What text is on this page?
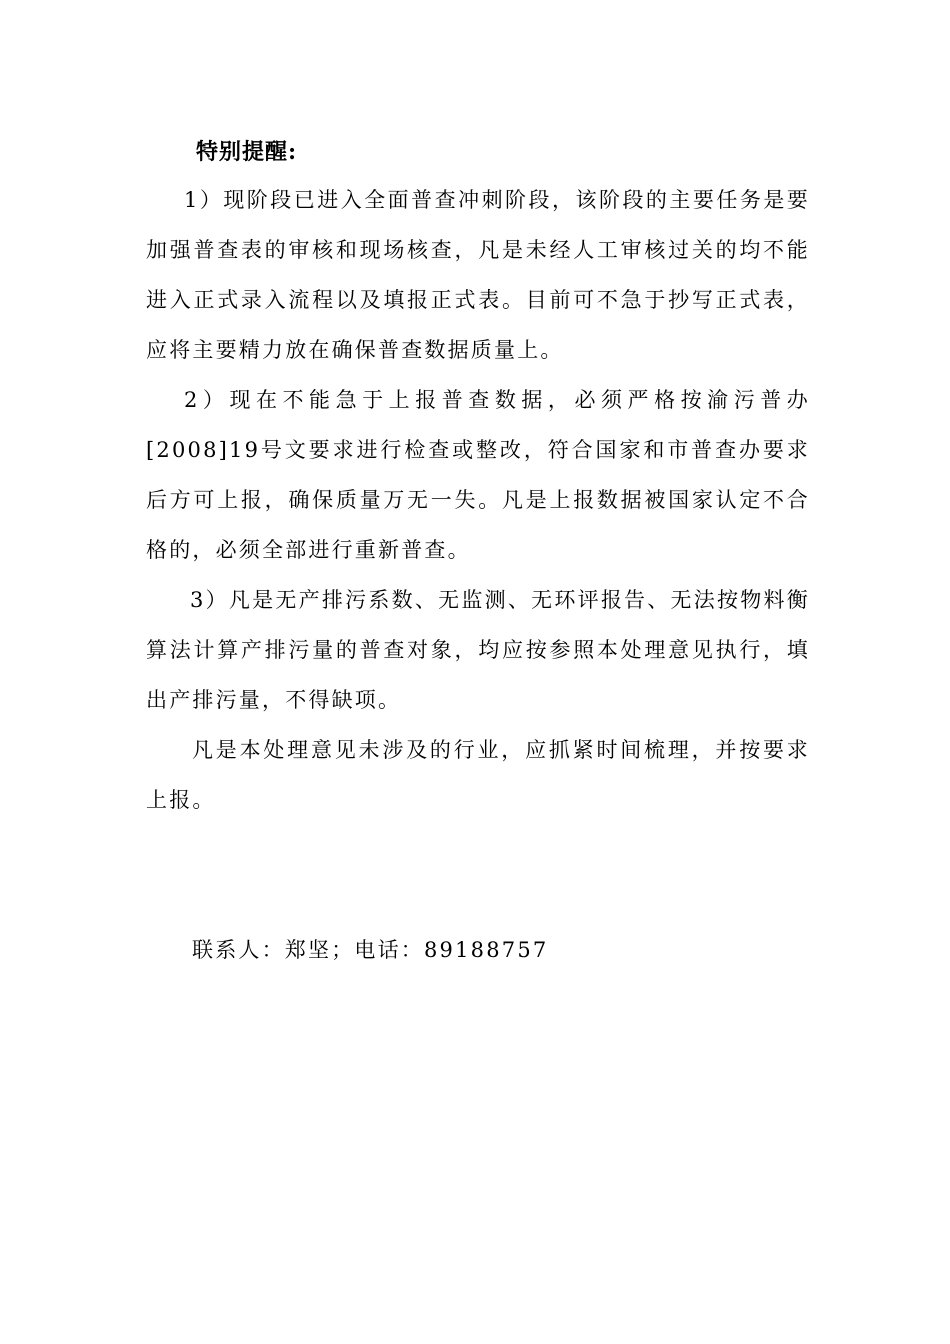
特别提醒:
1）现阶段已进入全面普查冲刺阶段，该阶段的主要任务是要加强普查表的审核和现场核查，凡是未经人工审核过关的均不能进入正式录入流程以及填报正式表。目前可不急于抄写正式表，应将主要精力放在确保普查数据质量上。
2）现在不能急于上报普查数据，必须严格按渝污普办[2008]19号文要求进行检查或整改，符合国家和市普查办要求后方可上报，确保质量万无一失。凡是上报数据被国家认定不合格的，必须全部进行重新普查。
3）凡是无产排污系数、无监测、无环评报告、无法按物料衡算法计算产排污量的普查对象，均应按参照本处理意见执行，填出产排污量，不得缺项。
凡是本处理意见未涉及的行业，应抓紧时间梳理，并按要求上报。
联系人：郑坚；电话：89188757
